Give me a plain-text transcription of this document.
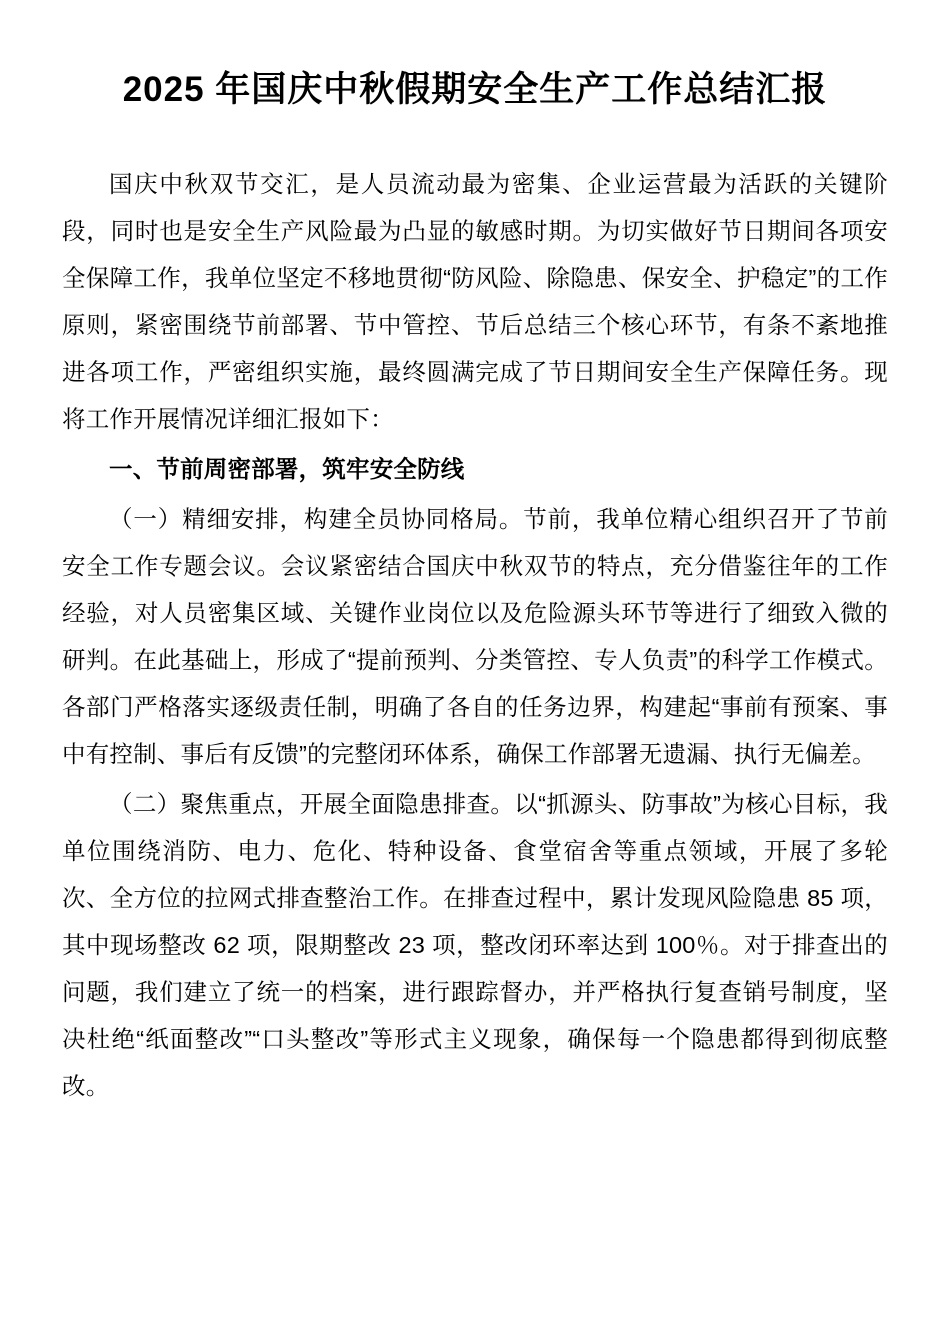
2025 年国庆中秋假期安全生产工作总结汇报

国庆中秋双节交汇，是人员流动最为密集、企业运营最为活跃的关键阶段，同时也是安全生产风险最为凸显的敏感时期。为切实做好节日期间各项安全保障工作，我单位坚定不移地贯彻“防风险、除隐患、保安全、护稳定”的工作原则，紧密围绕节前部署、节中管控、节后总结三个核心环节，有条不紊地推进各项工作，严密组织实施，最终圆满完成了节日期间安全生产保障任务。现将工作开展情况详细汇报如下：

一、节前周密部署，筑牢安全防线

（一）精细安排，构建全员协同格局。节前，我单位精心组织召开了节前安全工作专题会议。会议紧密结合国庆中秋双节的特点，充分借鉴往年的工作经验，对人员密集区域、关键作业岗位以及危险源头环节等进行了细致入微的研判。在此基础上，形成了“提前预判、分类管控、专人负责”的科学工作模式。各部门严格落实逐级责任制，明确了各自的任务边界，构建起“事前有预案、事中有控制、事后有反馈”的完整闭环体系，确保工作部署无遗漏、执行无偏差。

（二）聚焦重点，开展全面隐患排查。以“抓源头、防事故”为核心目标，我单位围绕消防、电力、危化、特种设备、食堂宿舍等重点领域，开展了多轮次、全方位的拉网式排查整治工作。在排查过程中，累计发现风险隐患 85 项，其中现场整改 62 项，限期整改 23 项，整改闭环率达到 100％。对于排查出的问题，我们建立了统一的档案，进行跟踪督办，并严格执行复查销号制度，坚决杜绝“纸面整改”“口头整改”等形式主义现象，确保每一个隐患都得到彻底整改。
